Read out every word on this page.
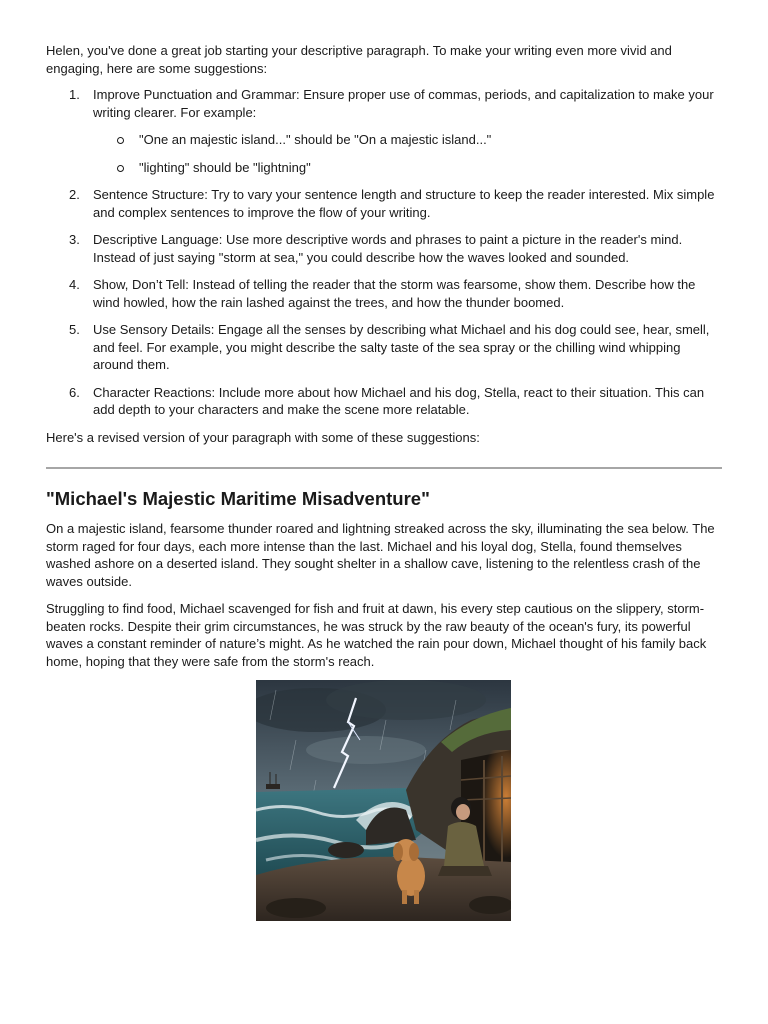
Helen, you've done a great job starting your descriptive paragraph. To make your writing even more vivid and engaging, here are some suggestions:

1. Improve Punctuation and Grammar: Ensure proper use of commas, periods, and capitalization to make your writing clearer. For example:
"One an majestic island..." should be "On a majestic island..."
"lighting" should be "lightning"
2. Sentence Structure: Try to vary your sentence length and structure to keep the reader interested. Mix simple and complex sentences to improve the flow of your writing.
3. Descriptive Language: Use more descriptive words and phrases to paint a picture in the reader's mind. Instead of just saying "storm at sea," you could describe how the waves looked and sounded.
4. Show, Don’t Tell: Instead of telling the reader that the storm was fearsome, show them. Describe how the wind howled, how the rain lashed against the trees, and how the thunder boomed.
5. Use Sensory Details: Engage all the senses by describing what Michael and his dog could see, hear, smell, and feel. For example, you might describe the salty taste of the sea spray or the chilling wind whipping around them.
6. Character Reactions: Include more about how Michael and his dog, Stella, react to their situation. This can add depth to your characters and make the scene more relatable.

Here's a revised version of your paragraph with some of these suggestions:

"Michael's Majestic Maritime Misadventure"

On a majestic island, fearsome thunder roared and lightning streaked across the sky, illuminating the sea below. The storm raged for four days, each more intense than the last. Michael and his loyal dog, Stella, found themselves washed ashore on a deserted island. They sought shelter in a shallow cave, listening to the relentless crash of the waves outside.

Struggling to find food, Michael scavenged for fish and fruit at dawn, his every step cautious on the slippery, storm-beaten rocks. Despite their grim circumstances, he was struck by the raw beauty of the ocean's fury, its powerful waves a constant reminder of nature’s might. As he watched the rain pour down, Michael thought of his family back home, hoping that they were safe from the storm's reach.
